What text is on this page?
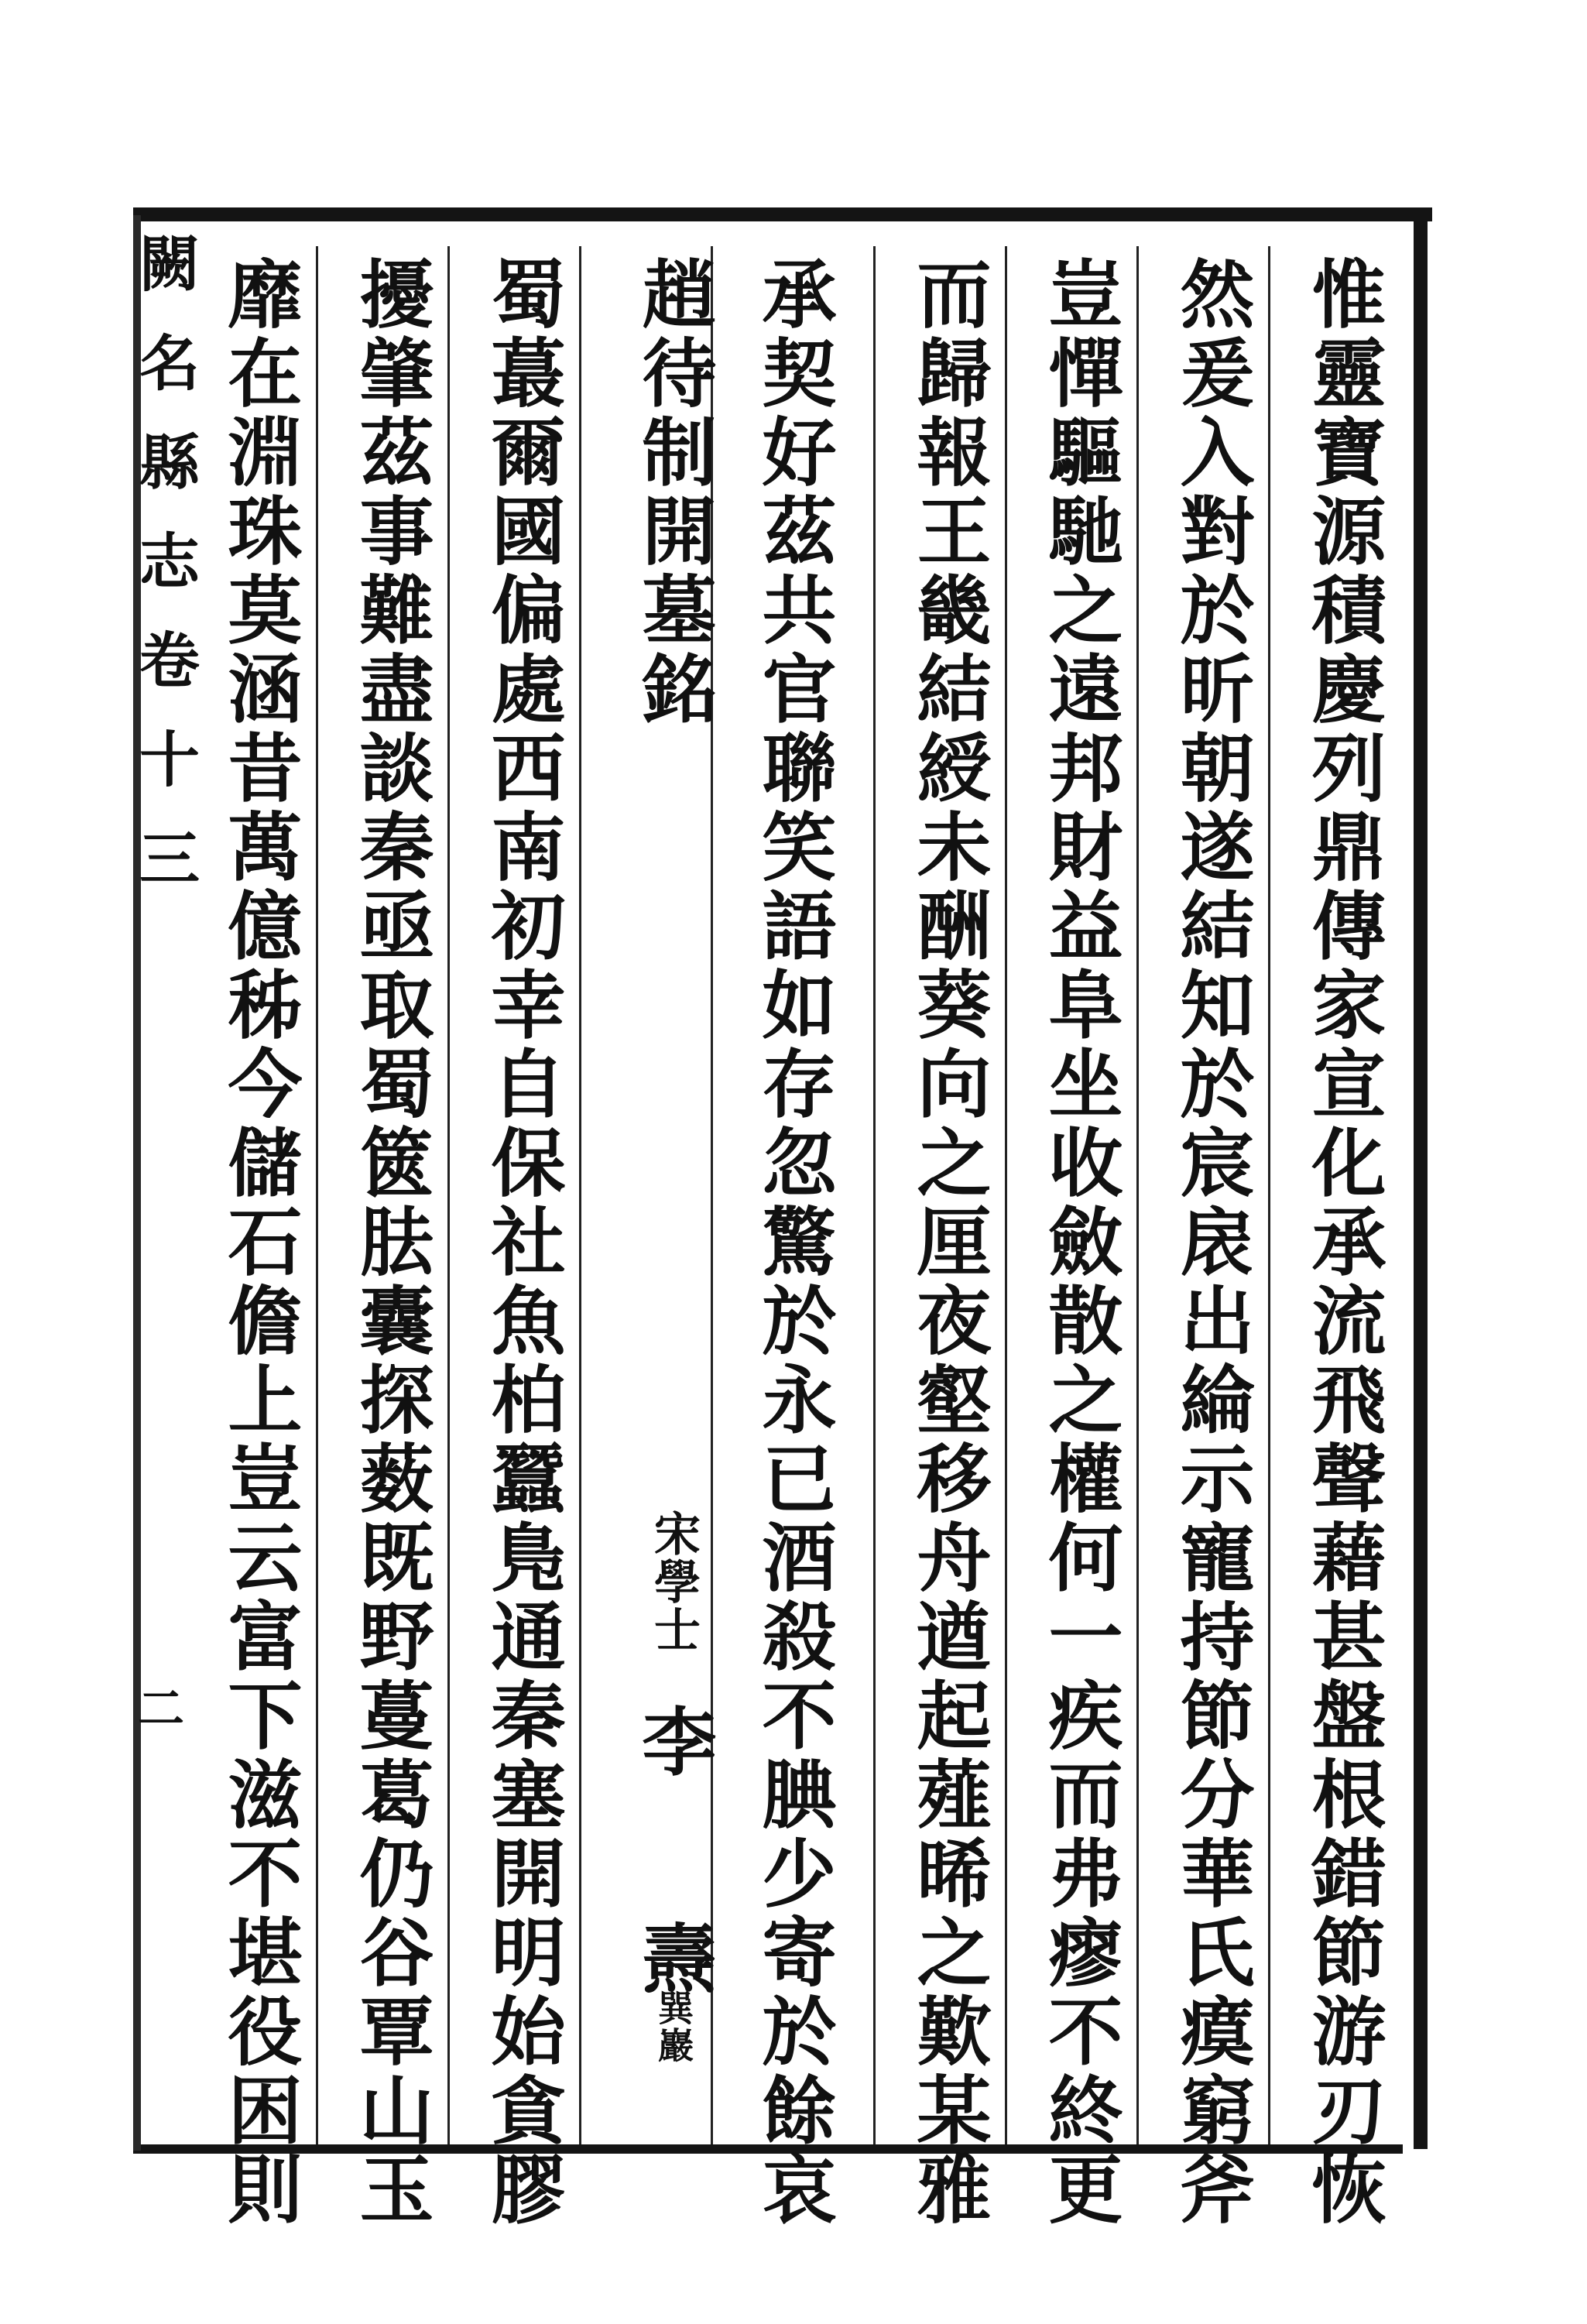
闕名縣志卷十三
二	惟靈寶源積慶列鼎傳家宣化承流飛聲藉甚盤根錯節游刃恢
然爰入對於昕朝遂結知於宸扆出綸示寵持節分華氏瘼窮斧
豈憚驅馳之遠邦財益阜坐收斂散之權何一疾而弗瘳不終更
而歸報王畿結綬未酬葵向之厘夜壑移舟遒起薤晞之歎某雅
承契好茲共官聯笑語如存忽驚於永已酒殺不腆少寄於餘哀
趙待制開墓銘
宋學士
李
燾
巽巖
蜀蕞爾國偏處西南初幸自保社魚柏蠶鳬通秦塞開明始貪膠
擾肇茲事難盡談秦亟取蜀篋胠囊探薮既野蔓葛仍谷覃山玉
靡在淵珠莫涵昔萬億秭今儲石儋上豈云富下滋不堪役困則
